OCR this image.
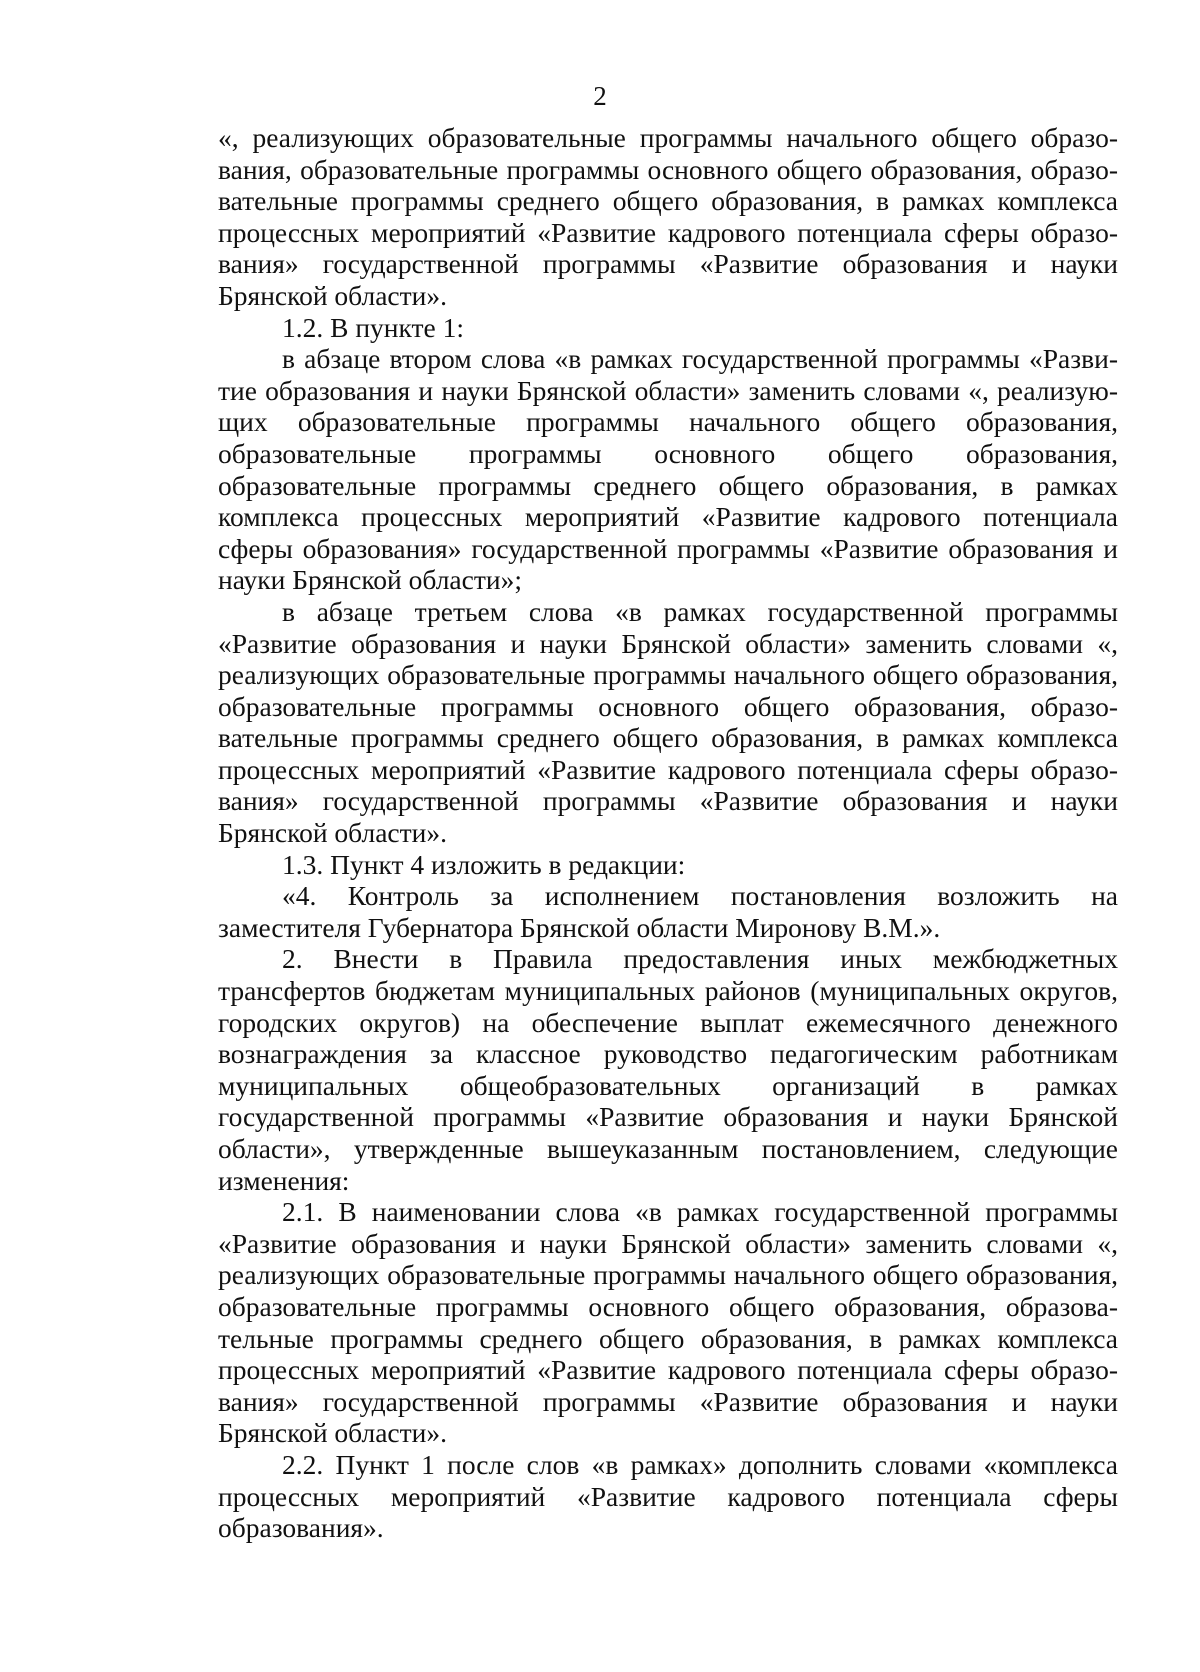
2

«, реализующих образовательные программы начального общего образования, образовательные программы основного общего образования, образовательные программы среднего общего образования, в рамках комплекса процессных мероприятий «Развитие кадрового потенциала сферы образования» государственной программы «Развитие образования и науки Брянской области».

1.2. В пункте 1:

в абзаце втором слова «в рамках государственной программы «Развитие образования и науки Брянской области» заменить словами «, реализующих образовательные программы начального общего образования, образовательные программы основного общего образования, образовательные программы среднего общего образования, в рамках комплекса процессных мероприятий «Развитие кадрового потенциала сферы образования» государственной программы «Развитие образования и науки Брянской области»;

в абзаце третьем слова «в рамках государственной программы «Развитие образования и науки Брянской области» заменить словами «, реализующих образовательные программы начального общего образования, образовательные программы основного общего образования, образовательные программы среднего общего образования, в рамках комплекса процессных мероприятий «Развитие кадрового потенциала сферы образования» государственной программы «Развитие образования и науки Брянской области».

1.3. Пункт 4 изложить в редакции:

«4. Контроль за исполнением постановления возложить на заместителя Губернатора Брянской области Миронову В.М.».

2. Внести в Правила предоставления иных межбюджетных трансфертов бюджетам муниципальных районов (муниципальных округов, городских округов) на обеспечение выплат ежемесячного денежного вознаграждения за классное руководство педагогическим работникам муниципальных общеобразовательных организаций в рамках государственной программы «Развитие образования и науки Брянской области», утвержденные вышеуказанным постановлением, следующие изменения:

2.1. В наименовании слова «в рамках государственной программы «Развитие образования и науки Брянской области» заменить словами «, реализующих образовательные программы начального общего образования, образовательные программы основного общего образования, образовательные программы среднего общего образования, в рамках комплекса процессных мероприятий «Развитие кадрового потенциала сферы образования» государственной программы «Развитие образования и науки Брянской области».

2.2. Пункт 1 после слов «в рамках» дополнить словами «комплекса процессных мероприятий «Развитие кадрового потенциала сферы образования».
